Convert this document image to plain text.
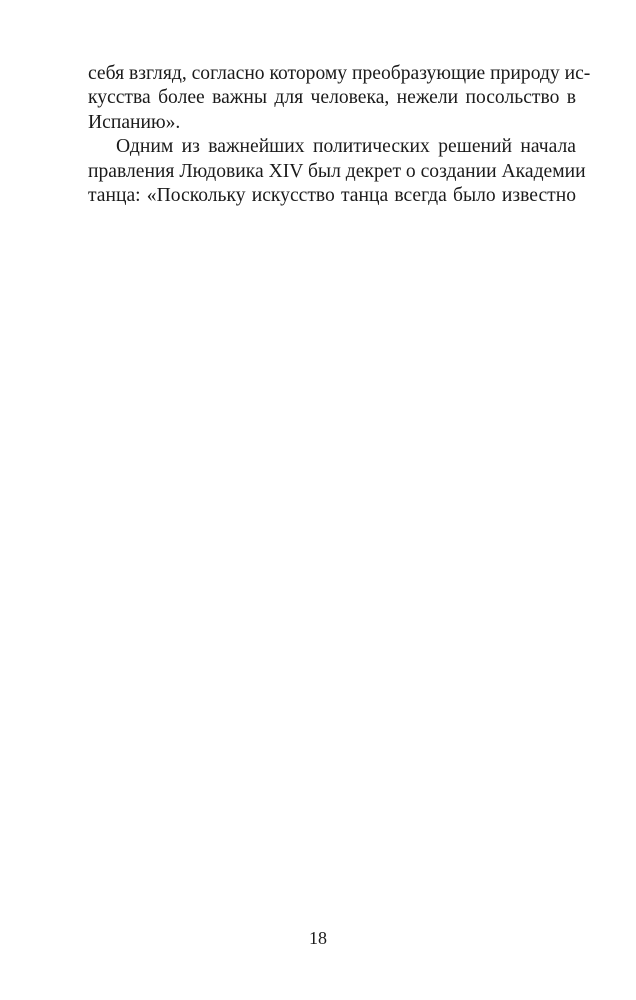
себя взгляд, согласно которому преобразующие природу ис-
кусства более важны для человека, нежели посольство в
Испанию».
Одним из важнейших политических решений начала
правления Людовика XIV был декрет о создании Академии
танца: «Поскольку искусство танца всегда было известно
18
